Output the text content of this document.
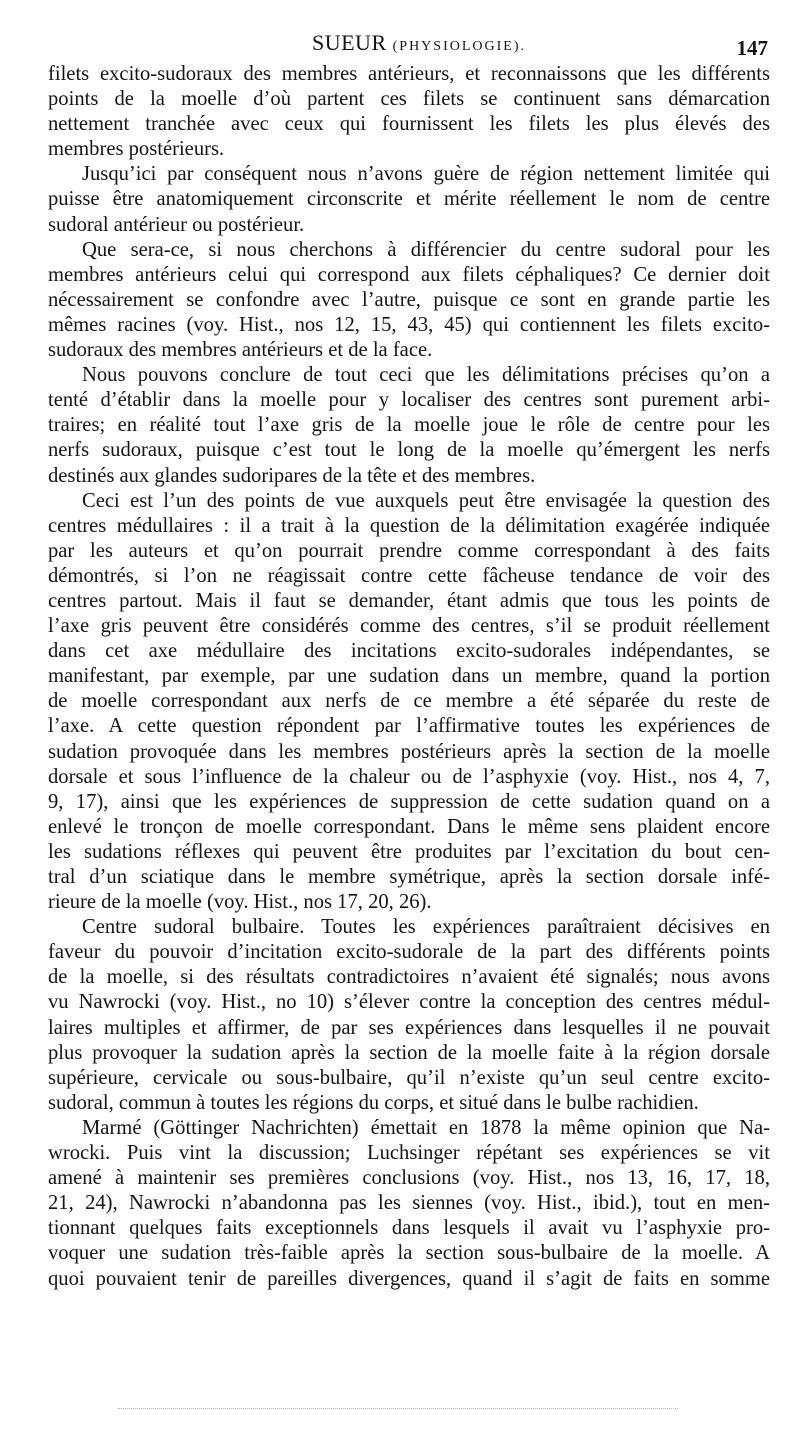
SUEUR (PHYSIOLOGIE).	147
filets excito-sudoraux des membres antérieurs, et reconnaissons que les différents
points de la moelle d’où partent ces filets se continuent sans démarcation
nettement tranchée avec ceux qui fournissent les filets les plus élevés des
membres postérieurs.
Jusqu’ici par conséquent nous n’avons guère de région nettement limitée qui
puisse être anatomiquement circonscrite et mérite réellement le nom de centre
sudoral antérieur ou postérieur.
Que sera-ce, si nous cherchons à différencier du centre sudoral pour les
membres antérieurs celui qui correspond aux filets céphaliques? Ce dernier doit
nécessairement se confondre avec l’autre, puisque ce sont en grande partie les
mêmes racines (voy. Hist., nos 12, 15, 43, 45) qui contiennent les filets excito-
sudoraux des membres antérieurs et de la face.
Nous pouvons conclure de tout ceci que les délimitations précises qu’on a
tenté d’établir dans la moelle pour y localiser des centres sont purement arbi-
traires; en réalité tout l’axe gris de la moelle joue le rôle de centre pour les
nerfs sudoraux, puisque c’est tout le long de la moelle qu’émergent les nerfs
destinés aux glandes sudoripares de la tête et des membres.
Ceci est l’un des points de vue auxquels peut être envisagée la question des
centres médullaires : il a trait à la question de la délimitation exagérée indiquée
par les auteurs et qu’on pourrait prendre comme correspondant à des faits
démontrés, si l’on ne réagissait contre cette fâcheuse tendance de voir des
centres partout. Mais il faut se demander, étant admis que tous les points de
l’axe gris peuvent être considérés comme des centres, s’il se produit réellement
dans cet axe médullaire des incitations excito-sudorales indépendantes, se
manifestant, par exemple, par une sudation dans un membre, quand la portion
de moelle correspondant aux nerfs de ce membre a été séparée du reste de
l’axe. A cette question répondent par l’affirmative toutes les expériences de
sudation provoquée dans les membres postérieurs après la section de la moelle
dorsale et sous l’influence de la chaleur ou de l’asphyxie (voy. Hist., nos 4, 7,
9, 17), ainsi que les expériences de suppression de cette sudation quand on a
enlevé le tronçon de moelle correspondant. Dans le même sens plaident encore
les sudations réflexes qui peuvent être produites par l’excitation du bout cen-
tral d’un sciatique dans le membre symétrique, après la section dorsale infé-
rieure de la moelle (voy. Hist., nos 17, 20, 26).
Centre sudoral bulbaire. Toutes les expériences paraîtraient décisives en
faveur du pouvoir d’incitation excito-sudorale de la part des différents points
de la moelle, si des résultats contradictoires n’avaient été signalés; nous avons
vu Nawrocki (voy. Hist., no 10) s’élever contre la conception des centres médul-
laires multiples et affirmer, de par ses expériences dans lesquelles il ne pouvait
plus provoquer la sudation après la section de la moelle faite à la région dorsale
supérieure, cervicale ou sous-bulbaire, qu’il n’existe qu’un seul centre excito-
sudoral, commun à toutes les régions du corps, et situé dans le bulbe rachidien.
Marmé (Göttinger Nachrichten) émettait en 1878 la même opinion que Na-
wrocki. Puis vint la discussion; Luchsinger répétant ses expériences se vit
amené à maintenir ses premières conclusions (voy. Hist., nos 13, 16, 17, 18,
21, 24), Nawrocki n’abandonna pas les siennes (voy. Hist., ibid.), tout en men-
tionnant quelques faits exceptionnels dans lesquels il avait vu l’asphyxie pro-
voquer une sudation très-faible après la section sous-bulbaire de la moelle. A
quoi pouvaient tenir de pareilles divergences, quand il s’agit de faits en somme
